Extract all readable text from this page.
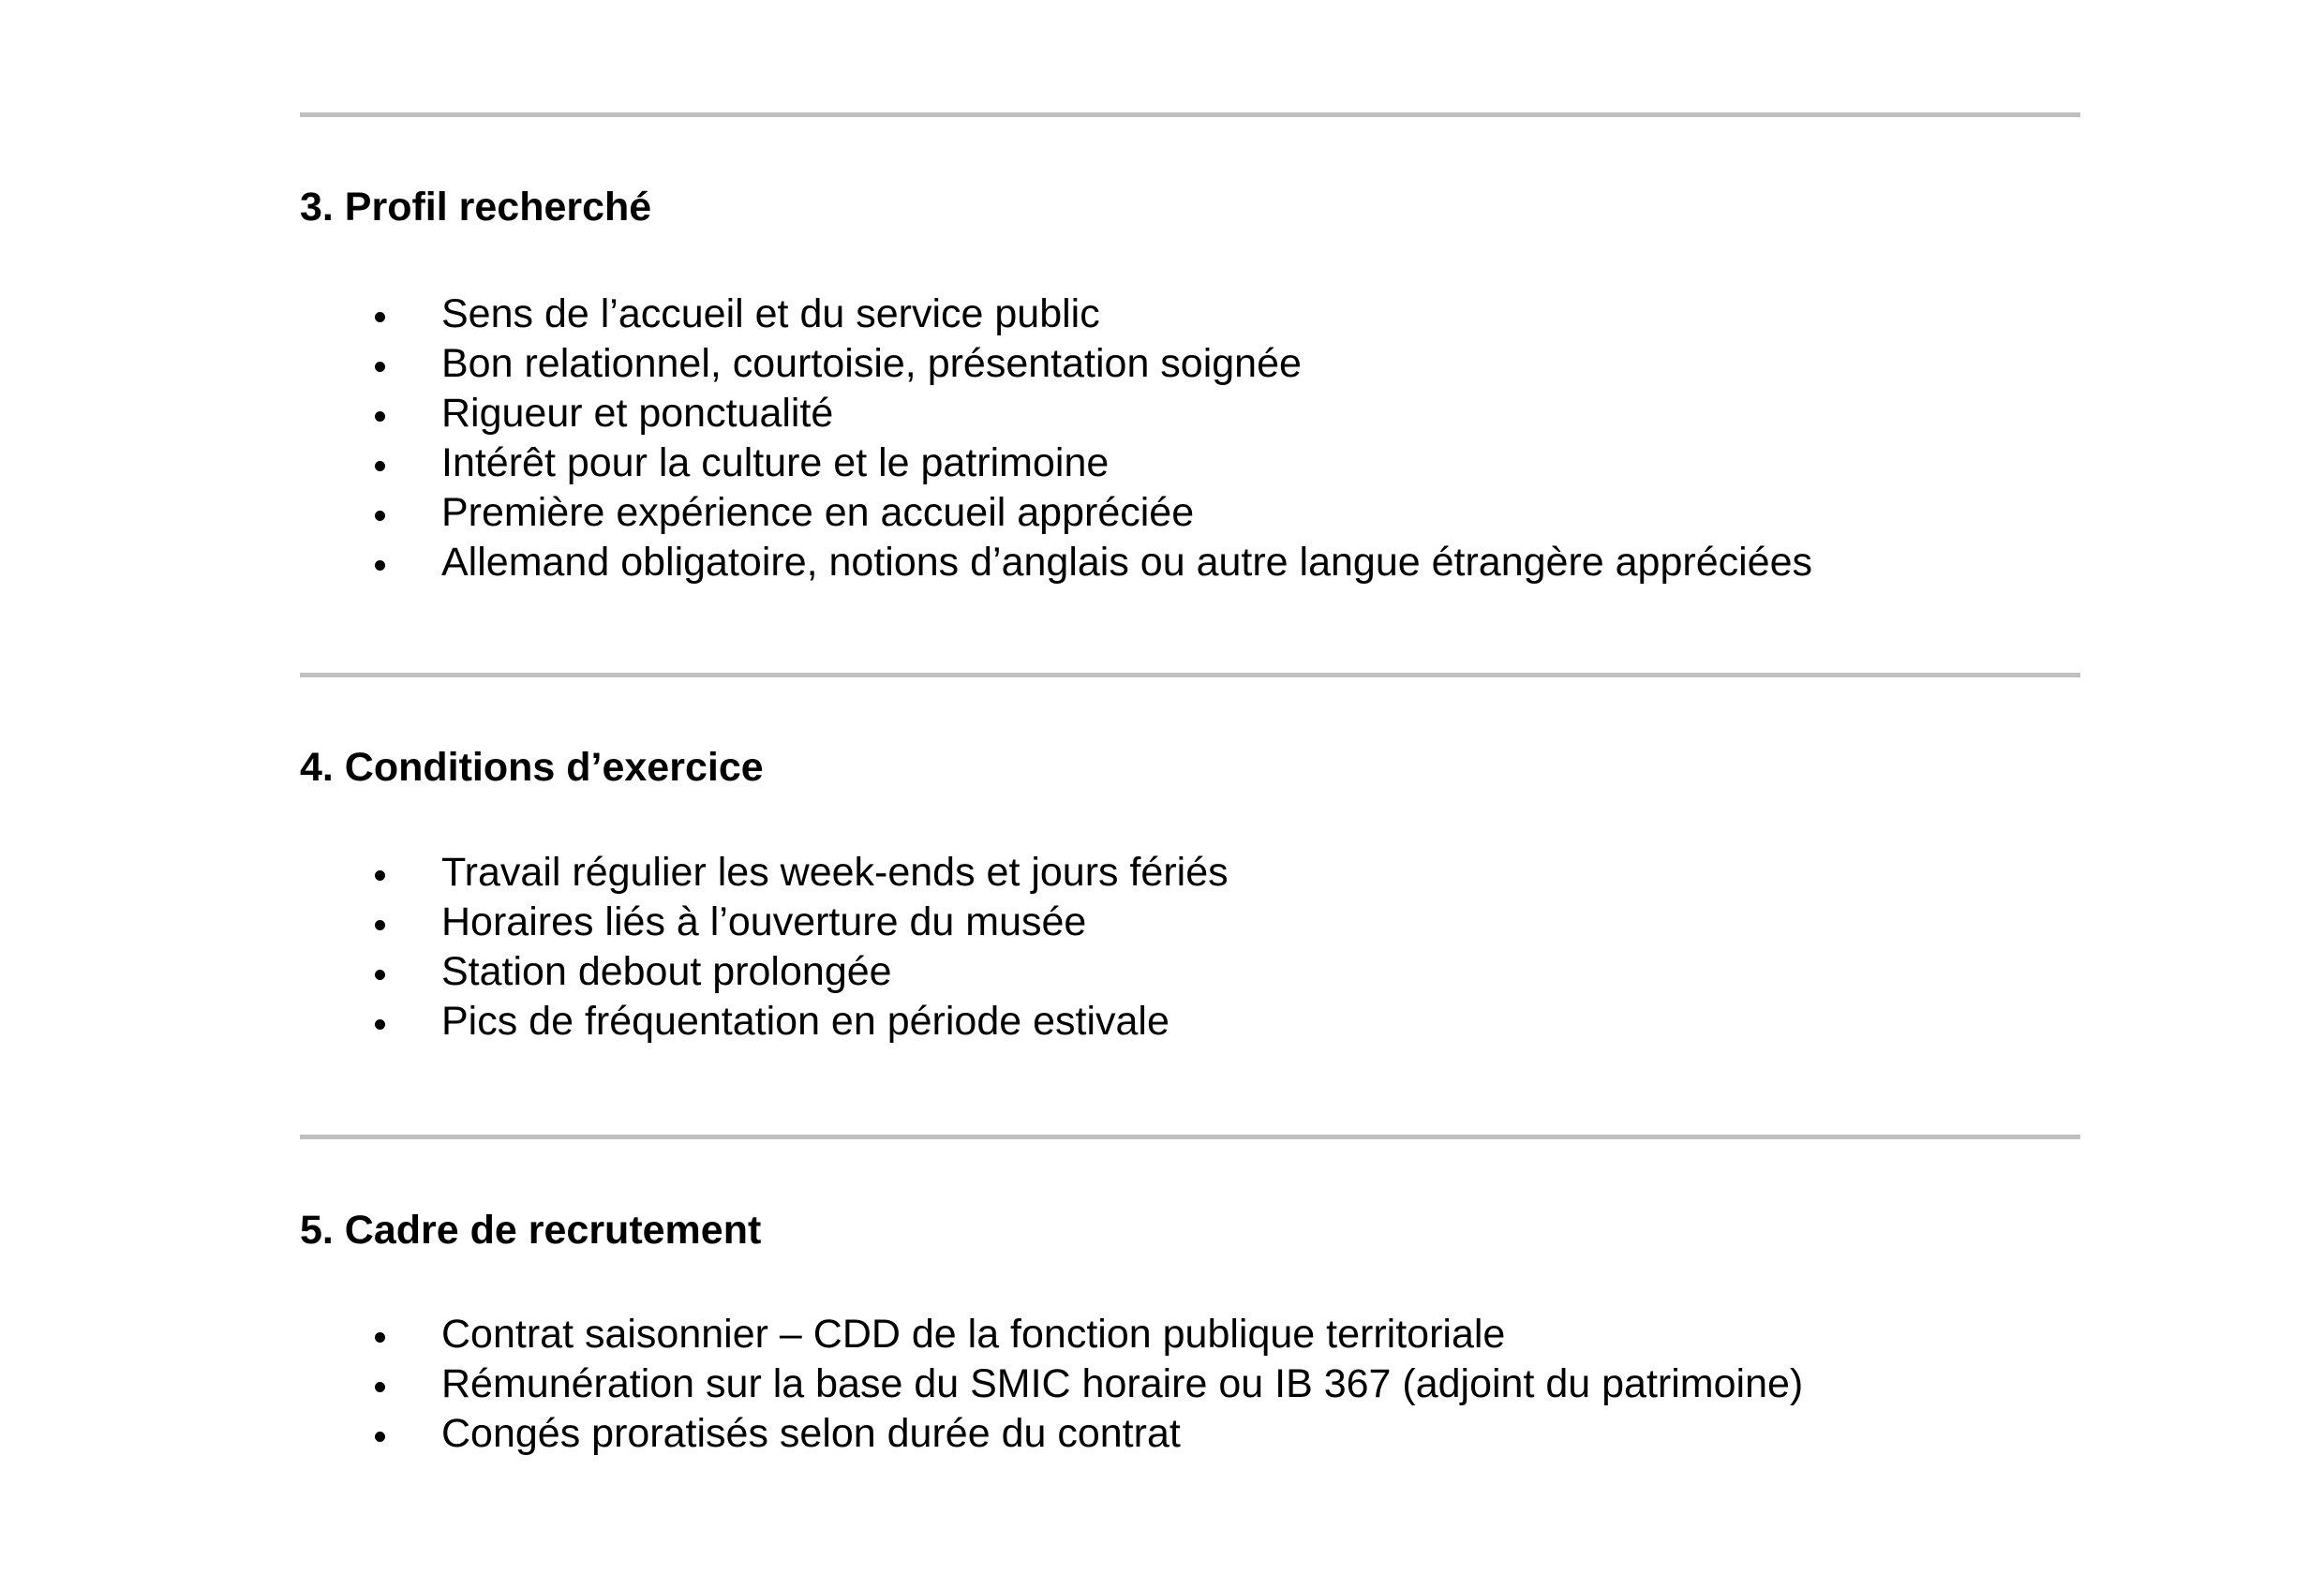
3. Profil recherché
Sens de l’accueil et du service public
Bon relationnel, courtoisie, présentation soignée
Rigueur et ponctualité
Intérêt pour la culture et le patrimoine
Première expérience en accueil appréciée
Allemand obligatoire, notions d’anglais ou autre langue étrangère appréciées
4. Conditions d’exercice
Travail régulier les week-ends et jours fériés
Horaires liés à l’ouverture du musée
Station debout prolongée
Pics de fréquentation en période estivale
5. Cadre de recrutement
Contrat saisonnier – CDD de la fonction publique territoriale
Rémunération sur la base du SMIC horaire ou IB 367 (adjoint du patrimoine)
Congés proratisés selon durée du contrat
